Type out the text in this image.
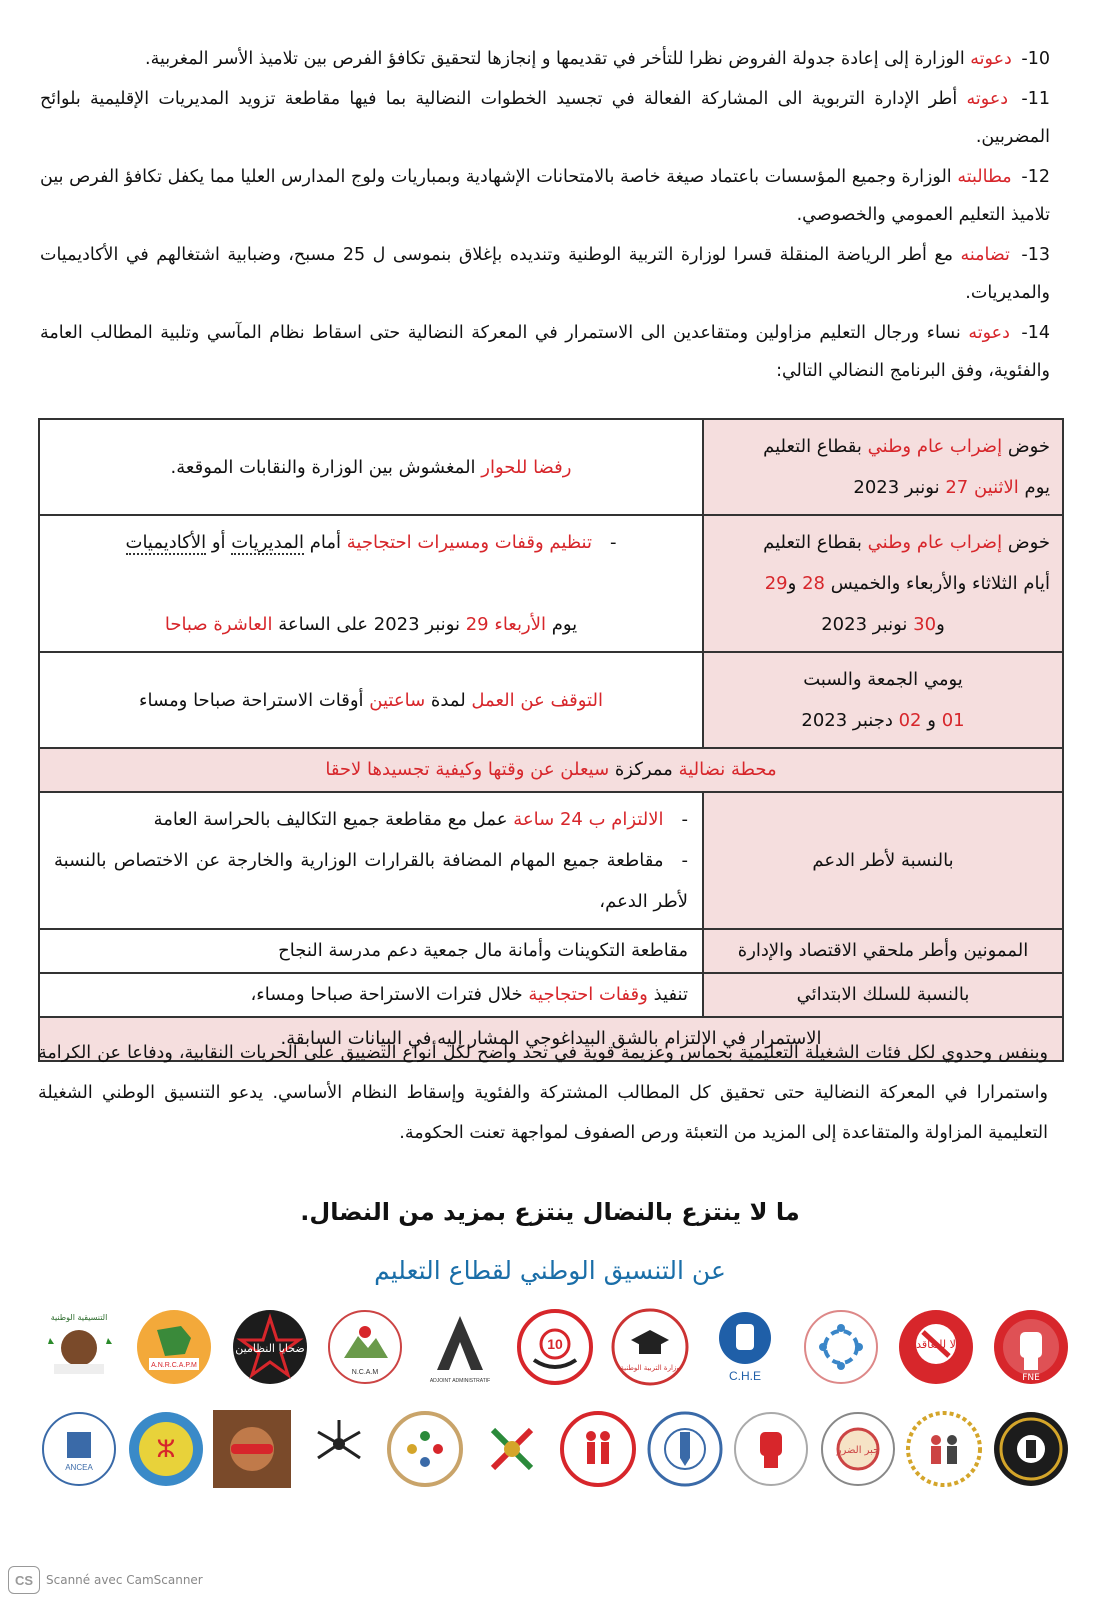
10- دعوته الوزارة إلى إعادة جدولة الفروض نظرا للتأخر في تقديمها و إنجازها لتحقيق تكافؤ الفرص بين تلاميذ الأسر المغربية.

11- دعوته أطر الإدارة التربوية الى المشاركة الفعالة في تجسيد الخطوات النضالية بما فيها مقاطعة تزويد المديريات الإقليمية بلوائح المضربين.

12- مطالبته الوزارة وجميع المؤسسات باعتماد صيغة خاصة بالامتحانات الإشهادية وبمباريات ولوج المدارس العليا مما يكفل تكافؤ الفرص بين تلاميذ التعليم العمومي والخصوصي.

13- تضامنه مع أطر الرياضة المنقلة قسرا لوزارة التربية الوطنية وتنديده بإغلاق بنموسى ل 25 مسبح، وضبابية اشتغالهم في الأكاديميات والمديريات.

14- دعوته نساء ورجال التعليم مزاولين ومتقاعدين الى الاستمرار في المعركة النضالية حتى اسقاط نظام المآسي وتلبية المطالب العامة والفئوية، وفق البرنامج النضالي التالي:

خوض إضراب عام وطني بقطاع التعليم
يوم الاثنين 27 نونبر 2023	رفضا للحوار المغشوش بين الوزارة والنقابات الموقعة.
خوض إضراب عام وطني بقطاع التعليم
أيام الثلاثاء والأربعاء والخميس 28 و29

و30 نونبر 2023	-تنظيم وقفات ومسيرات احتجاجية أمام المديريات أو الأكاديميات
يوم الأربعاء 29 نونبر 2023 على الساعة العاشرة صباحا

يومي الجمعة والسبت
01 و 02 دجنبر 2023	التوقف عن العمل لمدة ساعتين أوقات الاستراحة صباحا ومساء
محطة نضالية ممركزة سيعلن عن وقتها وكيفية تجسيدها لاحقا	
بالنسبة لأطر الدعم	-الالتزام ب 24 ساعة عمل مع مقاطعة جميع التكاليف بالحراسة العامة
-مقاطعة جميع المهام المضافة بالقرارات الوزارية والخارجة عن الاختصاص بالنسبة لأطر الدعم،
الممونين وأطر ملحقي الاقتصاد والإدارة	مقاطعة التكوينات وأمانة مال جمعية دعم مدرسة النجاح
بالنسبة للسلك الابتدائي	تنفيذ وقفات احتجاجية خلال فترات الاستراحة صباحا ومساء،
الاستمرار في الالتزام بالشق البيداغوجي المشار إليه في البيانات السابقة.	
وبنفس وحدوي لكل فئات الشغيلة التعليمية بحماس وعزيمة قوية في تحد واضح لكل أنواع التضييق على الحريات النقابية، ودفاعا عن الكرامة واستمرارا في المعركة النضالية حتى تحقيق كل المطالب المشتركة والفئوية وإسقاط النظام الأساسي. يدعو التنسيق الوطني الشغيلة التعليمية المزاولة والمتقاعدة إلى المزيد من التعبئة ورص الصفوف لمواجهة تعنت الحكومة.
ما لا ينتزع بالنضال ينتزع بمزيد من النضال.
عن التنسيق الوطني لقطاع التعليم
FNE
لا للتعاقد
C.H.E
وزارة التربية الوطنية
10
ADJOINT ADMINISTRATIF
N.C.A.M
ضحايا النظامين
A.N.R.C.A.P.M
التنسيقية الوطنية
جبر الضرر
ⵣ
ANCEA
CS	Scanné avec CamScanner
